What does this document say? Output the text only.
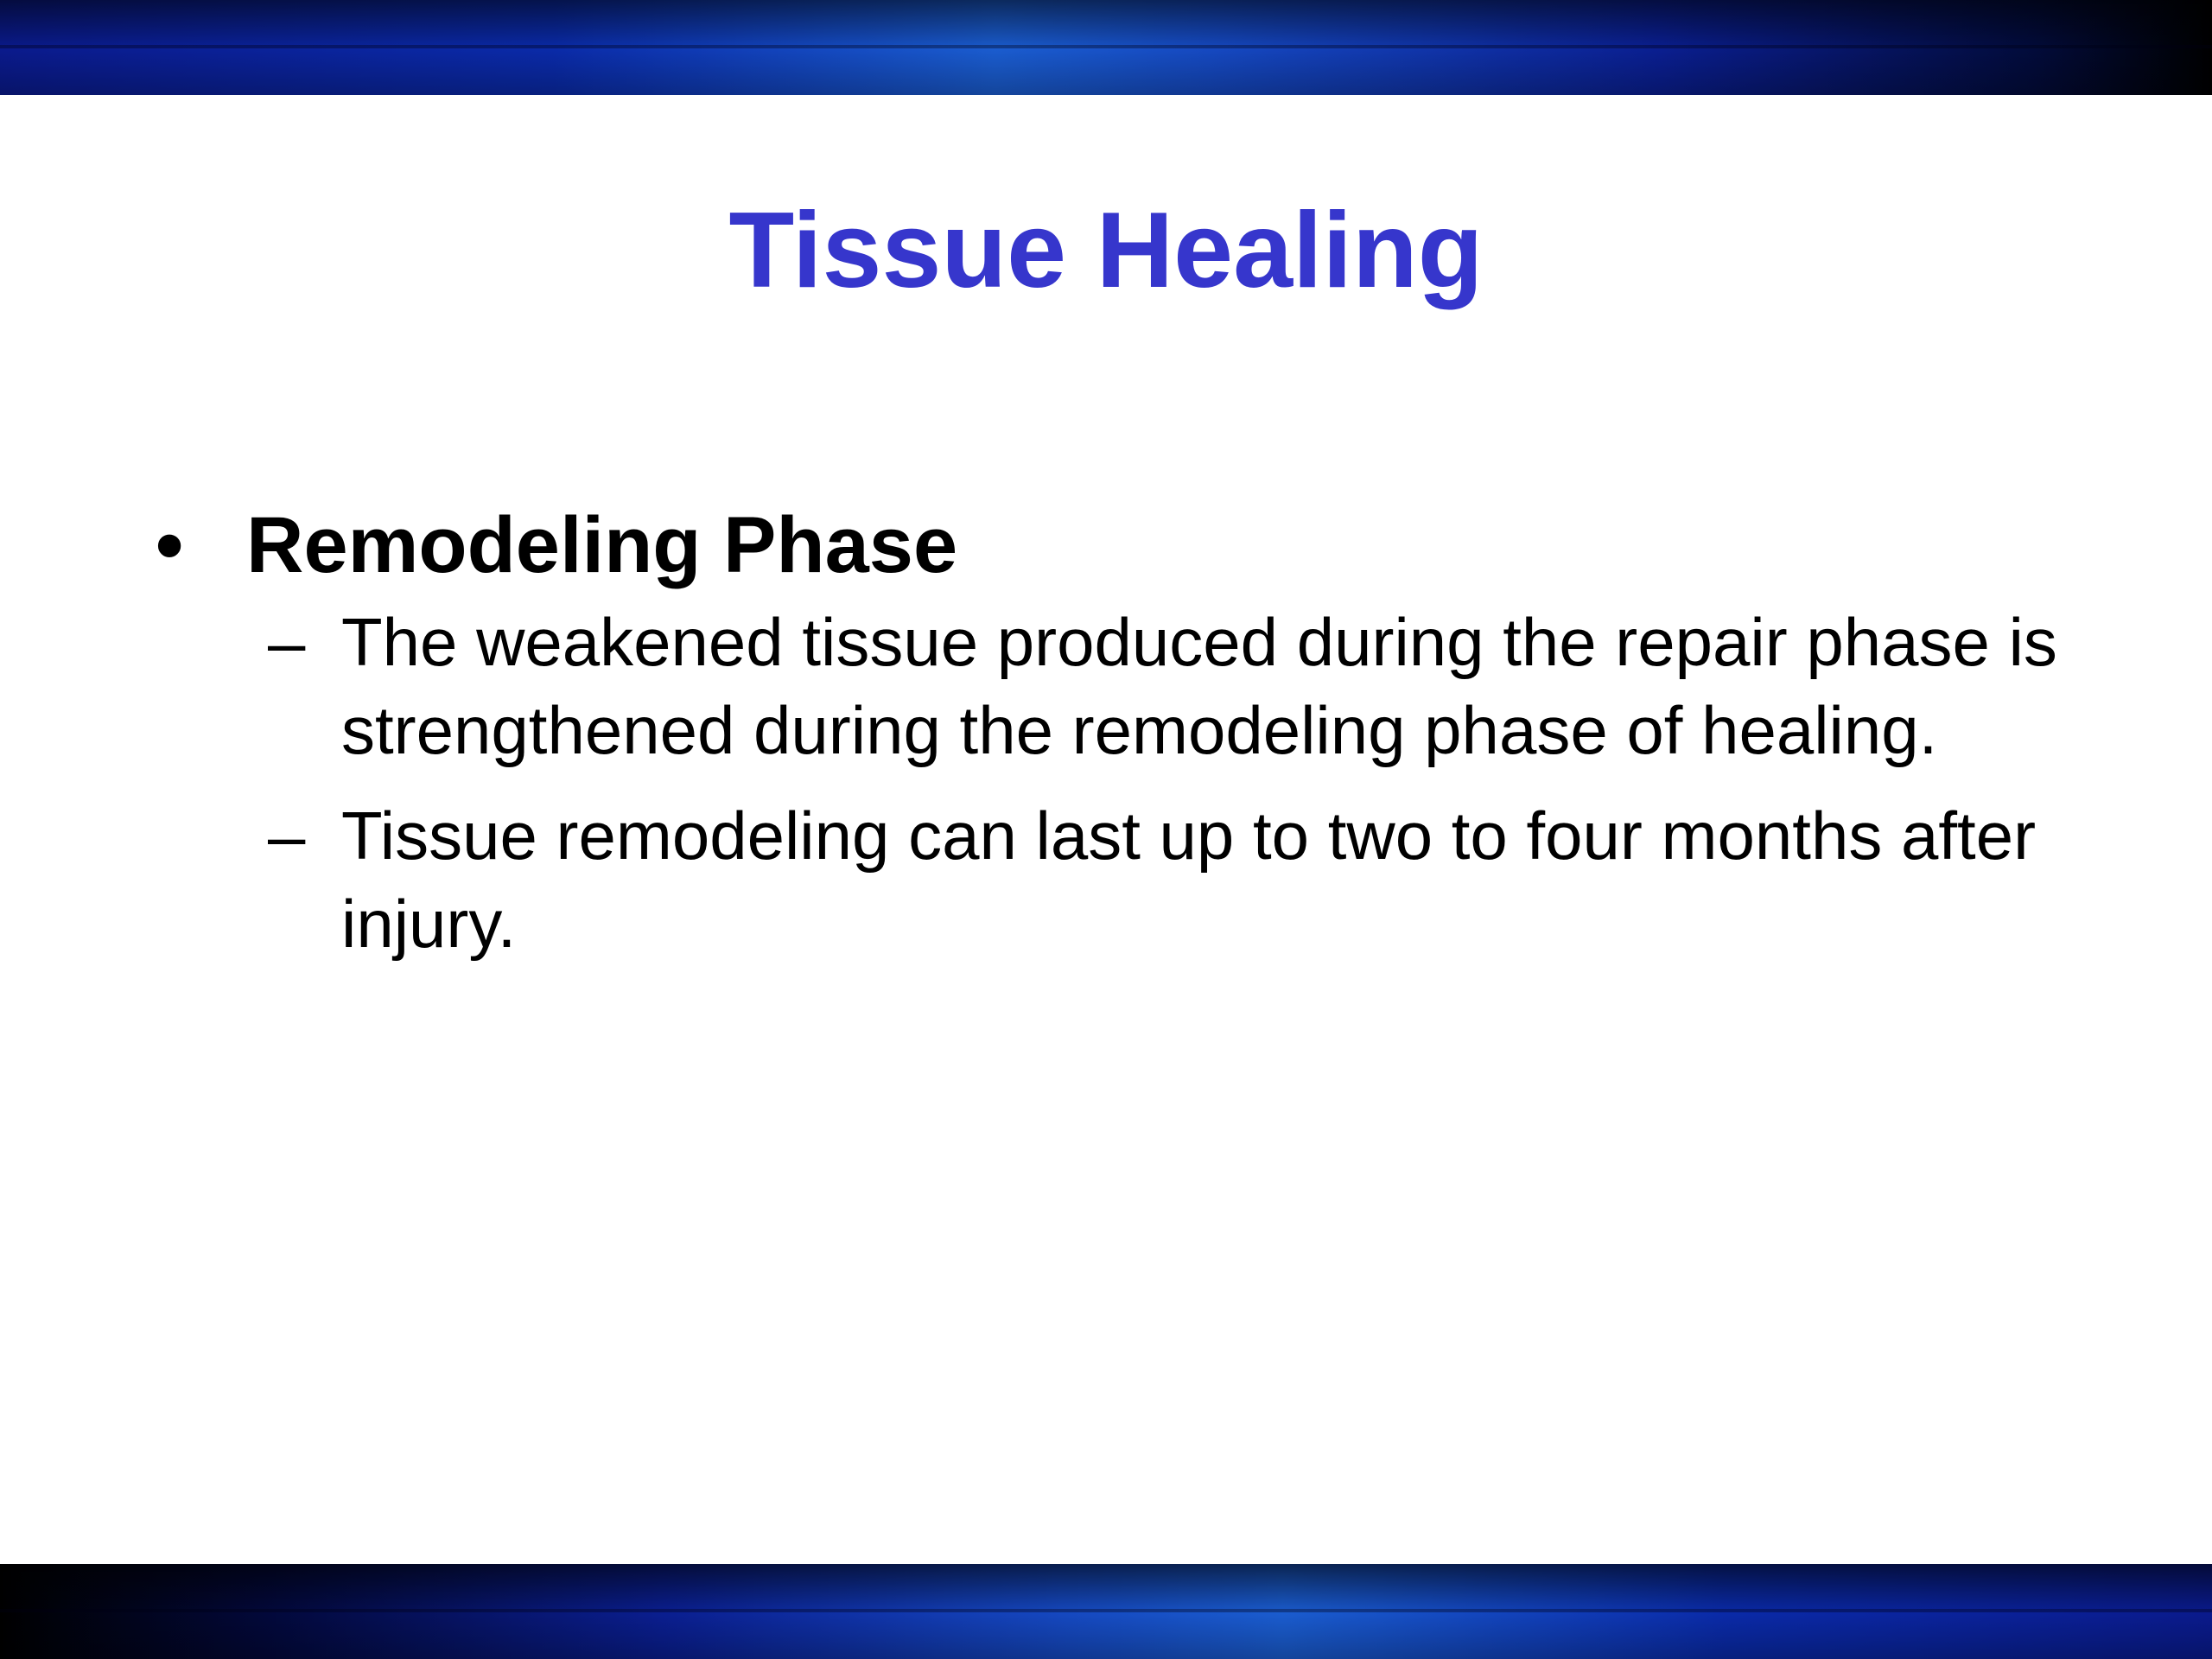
Tissue Healing
• Remodeling Phase
– The weakened tissue produced during the repair phase is strengthened during the remodeling phase of healing.
– Tissue remodeling can last up to two to four months after injury.
